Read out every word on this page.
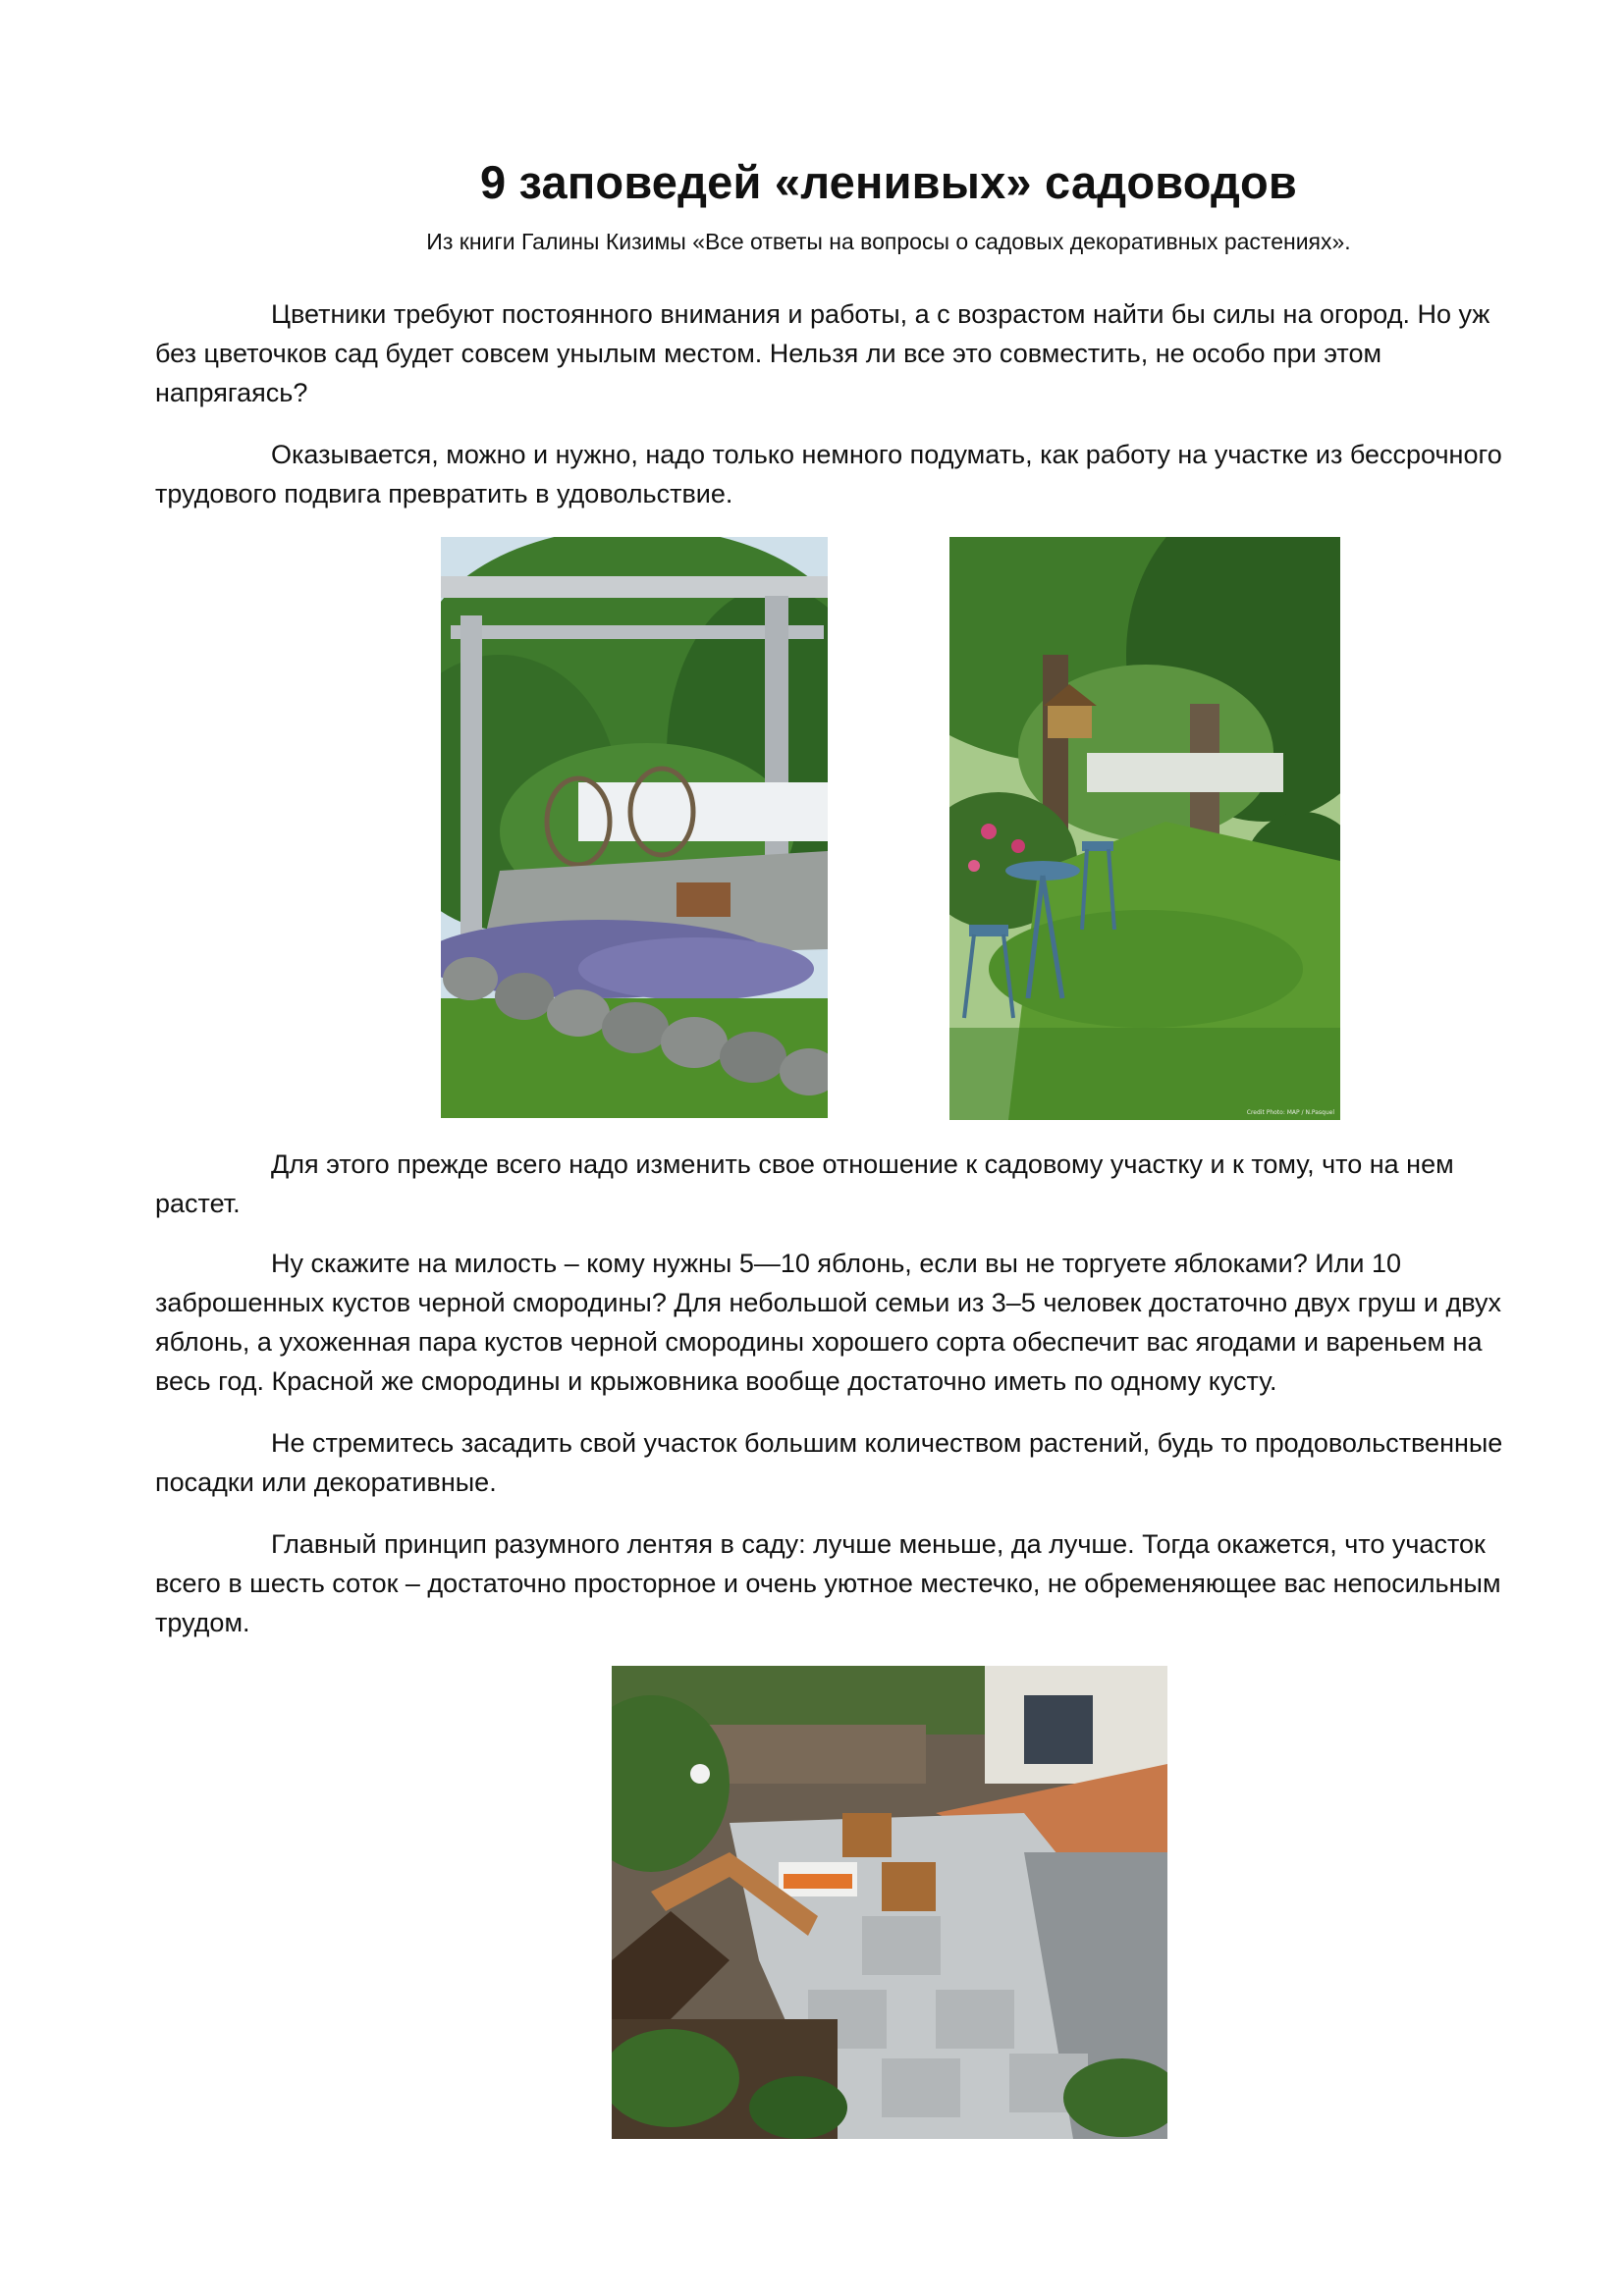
9 заповедей «ленивых» садоводов

Из книги Галины Кизимы «Все ответы на вопросы о садовых декоративных растениях».

Цветники требуют постоянного внимания и работы, а с возрастом найти бы силы на огород. Но уж без цветочков сад будет совсем унылым местом. Нельзя ли все это совместить, не особо при этом напрягаясь?

Оказывается, можно и нужно, надо только немного подумать, как работу на участке из бессрочного трудового подвига превратить в удовольствие.

Credit Photo: MAP / N.Pasquel

Для этого прежде всего надо изменить свое отношение к садовому участку и к тому, что на нем растет.

Ну скажите на милость – кому нужны 5—10 яблонь, если вы не торгуете яблоками? Или 10 заброшенных кустов черной смородины? Для небольшой семьи из 3–5 человек достаточно двух груш и двух яблонь, а ухоженная пара кустов черной смородины хорошего сорта обеспечит вас ягодами и вареньем на весь год. Красной же смородины и крыжовника вообще достаточно иметь по одному кусту.

Не стремитесь засадить свой участок большим количеством растений, будь то продовольственные посадки или декоративные.

Главный принцип разумного лентяя в саду: лучше меньше, да лучше. Тогда окажется, что участок всего в шесть соток – достаточно просторное и очень уютное местечко, не обременяющее вас непосильным трудом.
